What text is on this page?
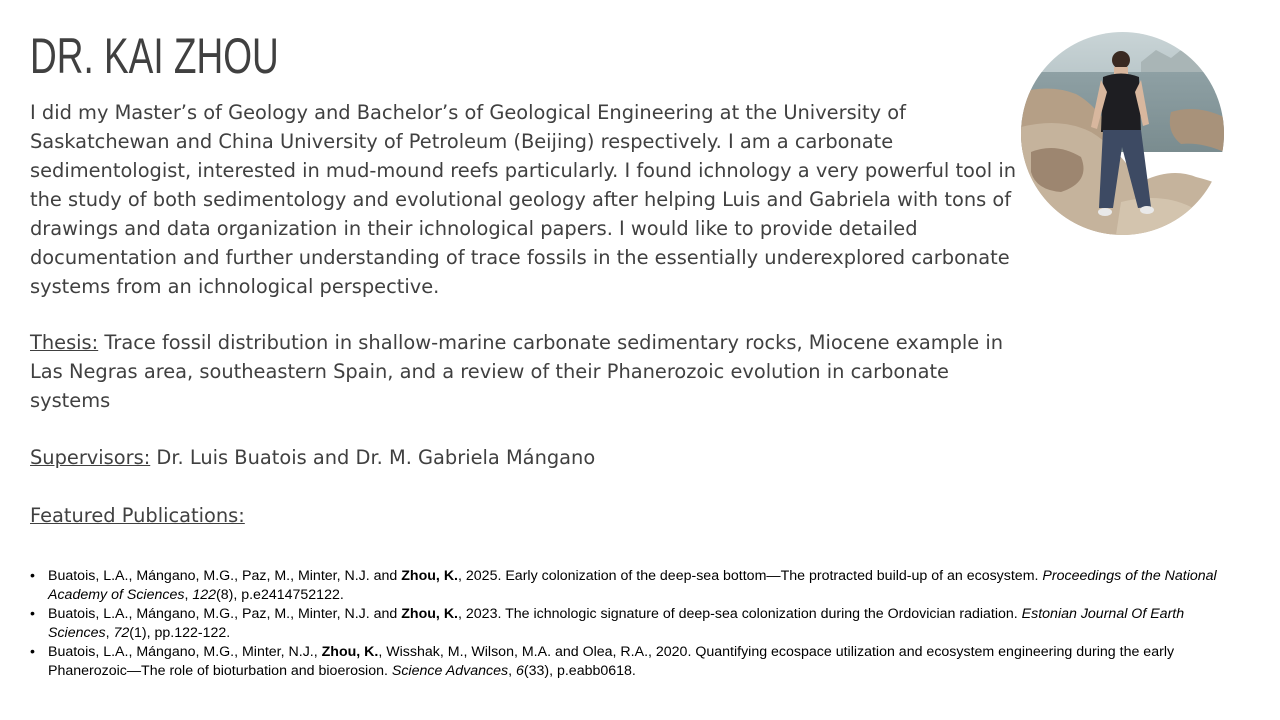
DR. KAI ZHOU

I did my Master’s of Geology and Bachelor’s of Geological Engineering at the University of Saskatchewan and China University of Petroleum (Beijing) respectively. I am a carbonate sedimentologist, interested in mud-mound reefs particularly. I found ichnology a very powerful tool in the study of both sedimentology and evolutional geology after helping Luis and Gabriela with tons of drawings and data organization in their ichnological papers. I would like to provide detailed documentation and further understanding of trace fossils in the essentially underexplored carbonate systems from an ichnological perspective.

Thesis: Trace fossil distribution in shallow-marine carbonate sedimentary rocks, Miocene example in Las Negras area, southeastern Spain, and a review of their Phanerozoic evolution in carbonate systems

Supervisors: Dr. Luis Buatois and Dr. M. Gabriela Mángano

Featured Publications:

• Buatois, L.A., Mángano, M.G., Paz, M., Minter, N.J. and Zhou, K., 2025. Early colonization of the deep-sea bottom—The protracted build-up of an ecosystem. Proceedings of the National Academy of Sciences, 122(8), p.e2414752122.
• Buatois, L.A., Mángano, M.G., Paz, M., Minter, N.J. and Zhou, K., 2023. The ichnologic signature of deep-sea colonization during the Ordovician radiation. Estonian Journal Of Earth Sciences, 72(1), pp.122-122.
• Buatois, L.A., Mángano, M.G., Minter, N.J., Zhou, K., Wisshak, M., Wilson, M.A. and Olea, R.A., 2020. Quantifying ecospace utilization and ecosystem engineering during the early Phanerozoic—The role of bioturbation and bioerosion. Science Advances, 6(33), p.eabb0618.
